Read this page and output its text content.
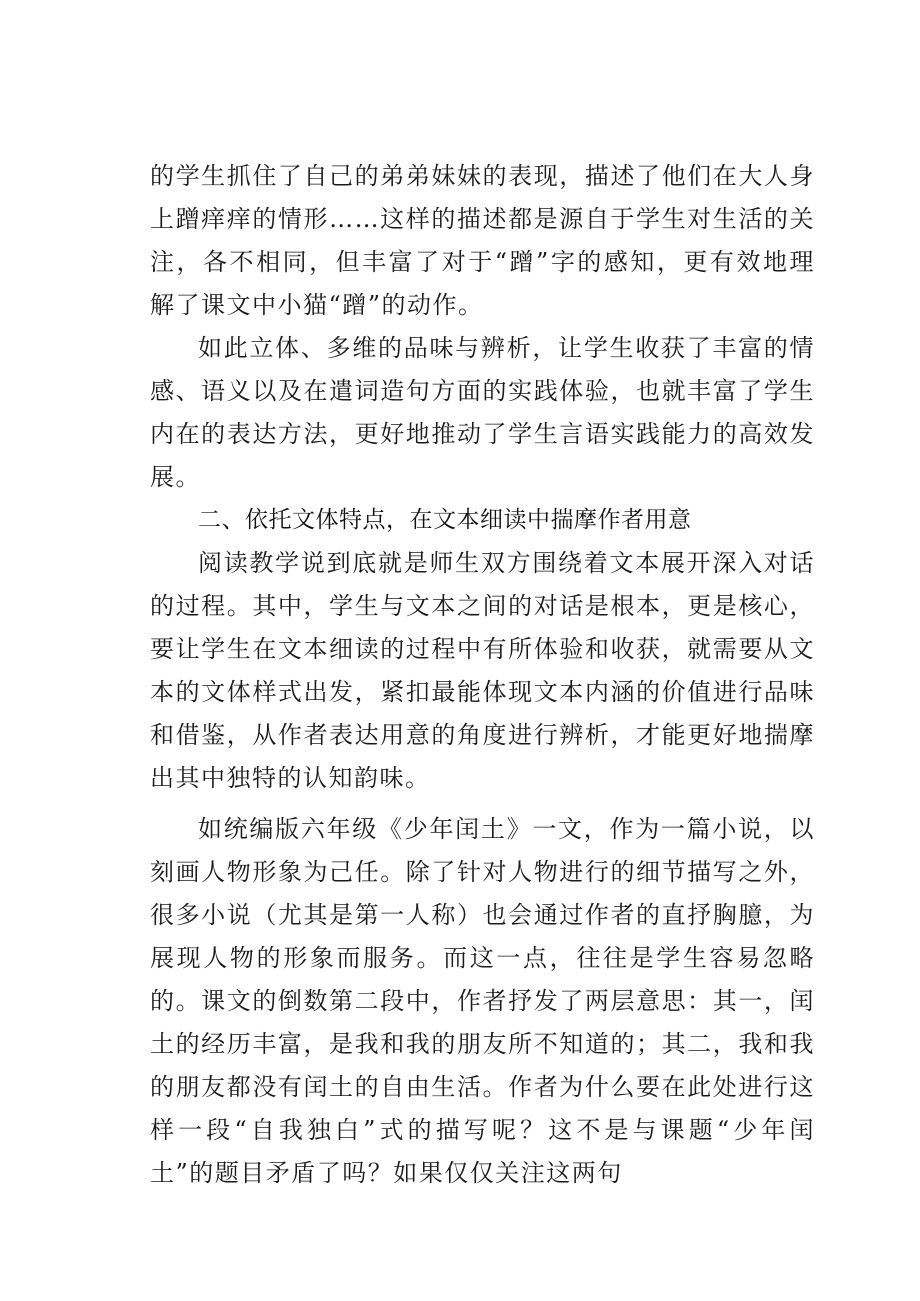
的学生抓住了自己的弟弟妹妹的表现，描述了他们在大人身上蹭痒痒的情形……这样的描述都是源自于学生对生活的关注，各不相同，但丰富了对于“蹭”字的感知，更有效地理解了课文中小猫“蹭”的动作。

如此立体、多维的品味与辨析，让学生收获了丰富的情感、语义以及在遣词造句方面的实践体验，也就丰富了学生内在的表达方法，更好地推动了学生言语实践能力的高效发展。

二、依托文体特点，在文本细读中揣摩作者用意

阅读教学说到底就是师生双方围绕着文本展开深入对话的过程。其中，学生与文本之间的对话是根本，更是核心，要让学生在文本细读的过程中有所体验和收获，就需要从文本的文体样式出发，紧扣最能体现文本内涵的价值进行品味和借鉴，从作者表达用意的角度进行辨析，才能更好地揣摩出其中独特的认知韵味。

如统编版六年级《少年闰土》一文，作为一篇小说，以刻画人物形象为己任。除了针对人物进行的细节描写之外，很多小说（尤其是第一人称）也会通过作者的直抒胸臆，为展现人物的形象而服务。而这一点，往往是学生容易忽略的。课文的倒数第二段中，作者抒发了两层意思：其一，闰土的经历丰富，是我和我的朋友所不知道的；其二，我和我的朋友都没有闰土的自由生活。作者为什么要在此处进行这样一段“自我独白”式的描写呢？这不是与课题“少年闰土”的题目矛盾了吗？如果仅仅关注这两句
